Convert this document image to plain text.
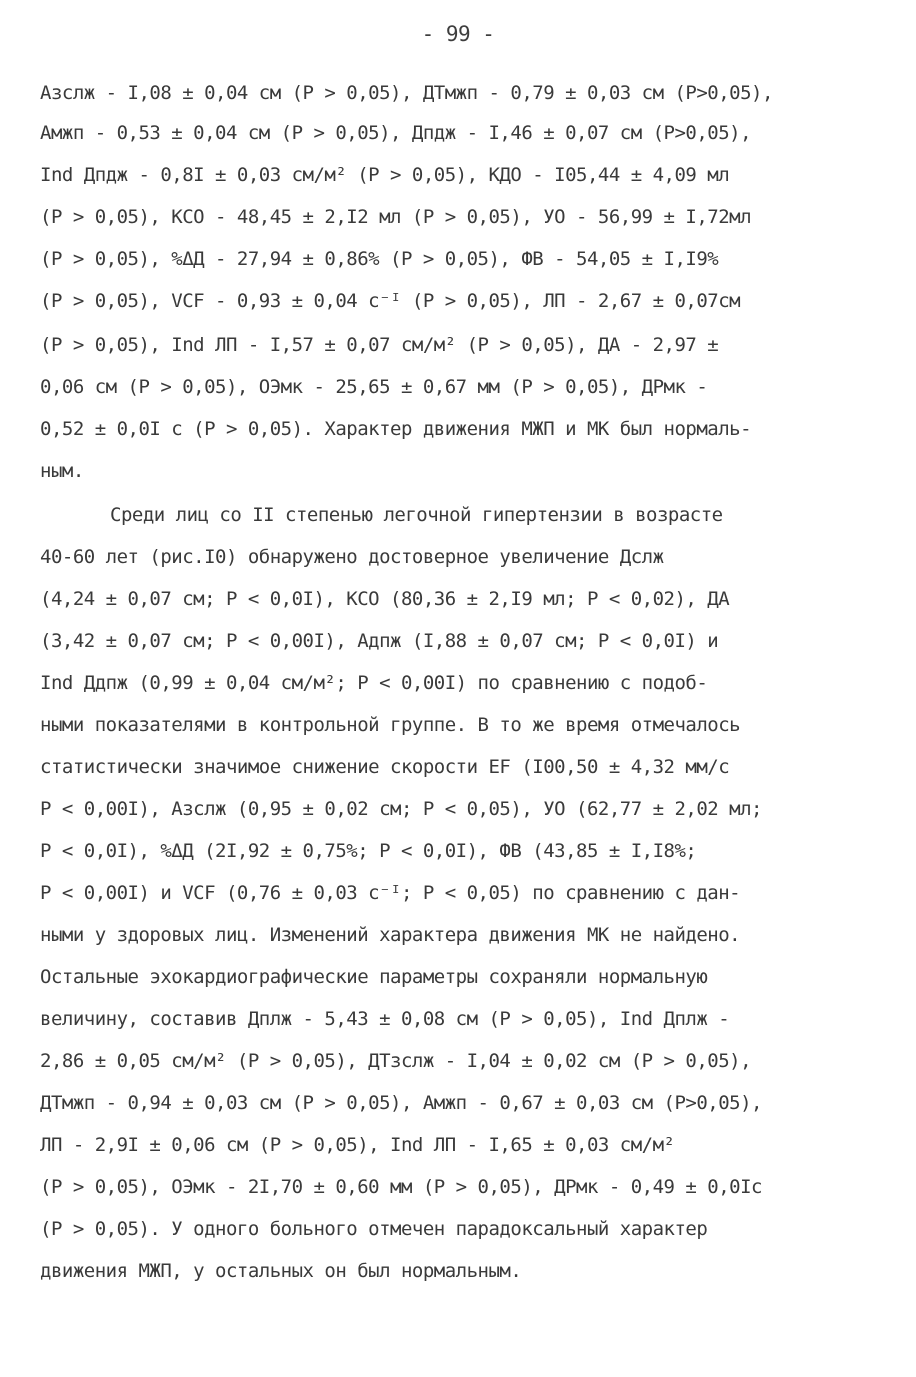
- 99 -
Aзслж - I,08 ± 0,04 см (P > 0,05), ДТмжп - 0,79 ± 0,03 см (P>0,05),
Aмжп - 0,53 ± 0,04 см (P > 0,05), Дпдж - I,46 ± 0,07 см (P>0,05),
Ind Дпдж - 0,8I ± 0,03 см/м² (P > 0,05), КДО - I05,44 ± 4,09 мл
(P > 0,05), КСО - 48,45 ± 2,I2 мл (P > 0,05), УО - 56,99 ± I,72мл
(P > 0,05), %ΔД - 27,94 ± 0,86% (P > 0,05), ФВ - 54,05 ± I,I9%
(P > 0,05), VCF - 0,93 ± 0,04 с⁻ᴵ (P > 0,05), ЛП - 2,67 ± 0,07см
(P > 0,05), Ind ЛП - I,57 ± 0,07 см/м² (P > 0,05), ДА - 2,97 ±
0,06 см (P > 0,05), ОЭмк - 25,65 ± 0,67 мм (P > 0,05), ДРмк -
0,52 ± 0,0I с (P > 0,05). Характер движения МЖП и МК был нормаль-
ным.
Среди лиц со II степенью легочной гипертензии в возрасте
40-60 лет (рис.I0) обнаружено достоверное увеличение Дслж
(4,24 ± 0,07 см; P < 0,0I), КСО (80,36 ± 2,I9 мл; P < 0,02), ДА
(3,42 ± 0,07 см; P < 0,00I), Aдпж (I,88 ± 0,07 см; P < 0,0I) и
Ind Ддпж (0,99 ± 0,04 см/м²; P < 0,00I) по сравнению с подоб-
ными показателями в контрольной группе. В то же время отмечалось
статистически значимое снижение скорости EF (I00,50 ± 4,32 мм/с
P < 0,00I), Aзслж (0,95 ± 0,02 см; P < 0,05), УО (62,77 ± 2,02 мл;
P < 0,0I), %ΔД (2I,92 ± 0,75%; P < 0,0I), ФВ (43,85 ± I,I8%;
P < 0,00I) и VCF (0,76 ± 0,03 с⁻ᴵ; P < 0,05) по сравнению с дан-
ными у здоровых лиц. Изменений характера движения МК не найдено.
Остальные эхокардиографические параметры сохраняли нормальную
величину, составив Дплж - 5,43 ± 0,08 см (P > 0,05), Ind Дплж -
2,86 ± 0,05 см/м² (P > 0,05), ДТзслж - I,04 ± 0,02 см (P > 0,05),
ДТмжп - 0,94 ± 0,03 см (P > 0,05), Aмжп - 0,67 ± 0,03 см (P>0,05),
ЛП - 2,9I ± 0,06 см (P > 0,05), Ind ЛП - I,65 ± 0,03 см/м²
(P > 0,05), ОЭмк - 2I,70 ± 0,60 мм (P > 0,05), ДРмк - 0,49 ± 0,0Iс
(P > 0,05). У одного больного отмечен парадоксальный характер
движения МЖП, у остальных он был нормальным.
